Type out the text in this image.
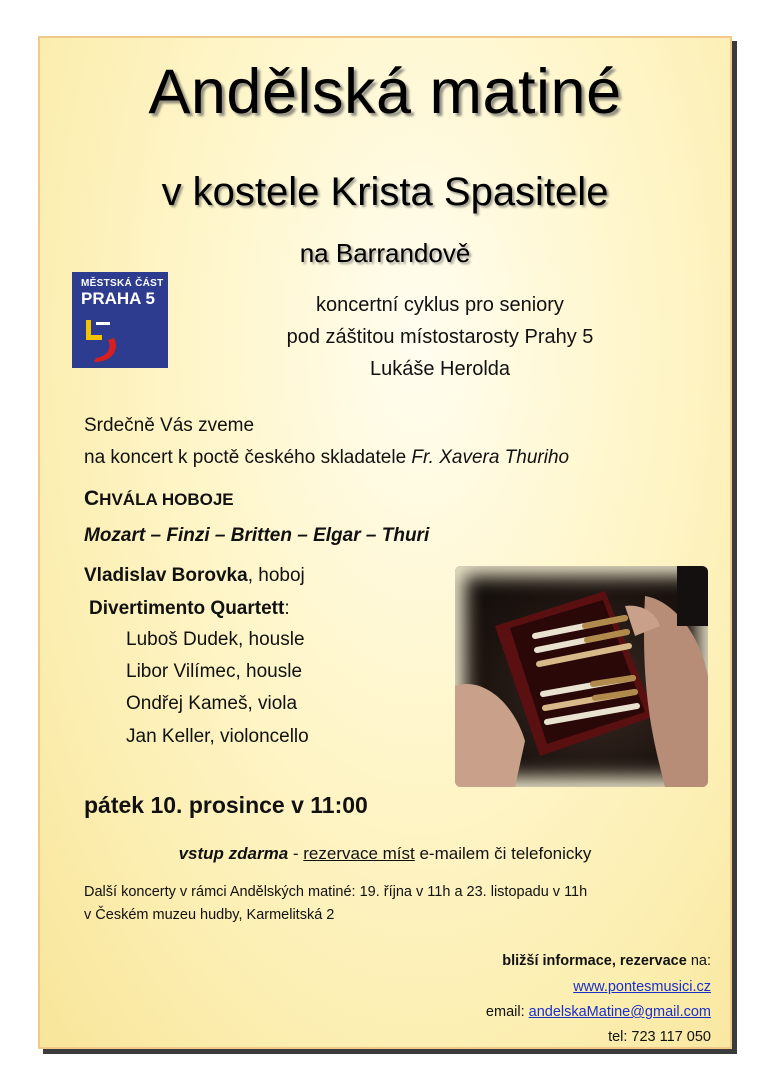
Andělská matiné
v kostele Krista Spasitele
na Barrandově
MĚSTSKÁ ČÁST
PRAHA 5	koncertní cyklus pro seniory
pod záštitou místostarosty Prahy 5
Lukáše Herolda
Srdečně Vás zveme
na koncert k poctě českého skladatele Fr. Xavera Thuriho
CHVÁLA HOBOJE
Mozart – Finzi – Britten – Elgar – Thuri
Vladislav Borovka, hoboj
Divertimento Quartett:
Luboš Dudek, housle
Libor Vilímec, housle
Ondřej Kameš, viola
Jan Keller, violoncello
pátek 10. prosince v 11:00
vstup zdarma - rezervace míst e-mailem či telefonicky
Další koncerty v rámci Andělských matiné: 19. října v 11h a 23. listopadu v 11h
v Českém muzeu hudby, Karmelitská 2
bližší informace, rezervace na:
www.pontesmusici.cz
email: andelskaMatine@gmail.com
tel: 723 117 050
